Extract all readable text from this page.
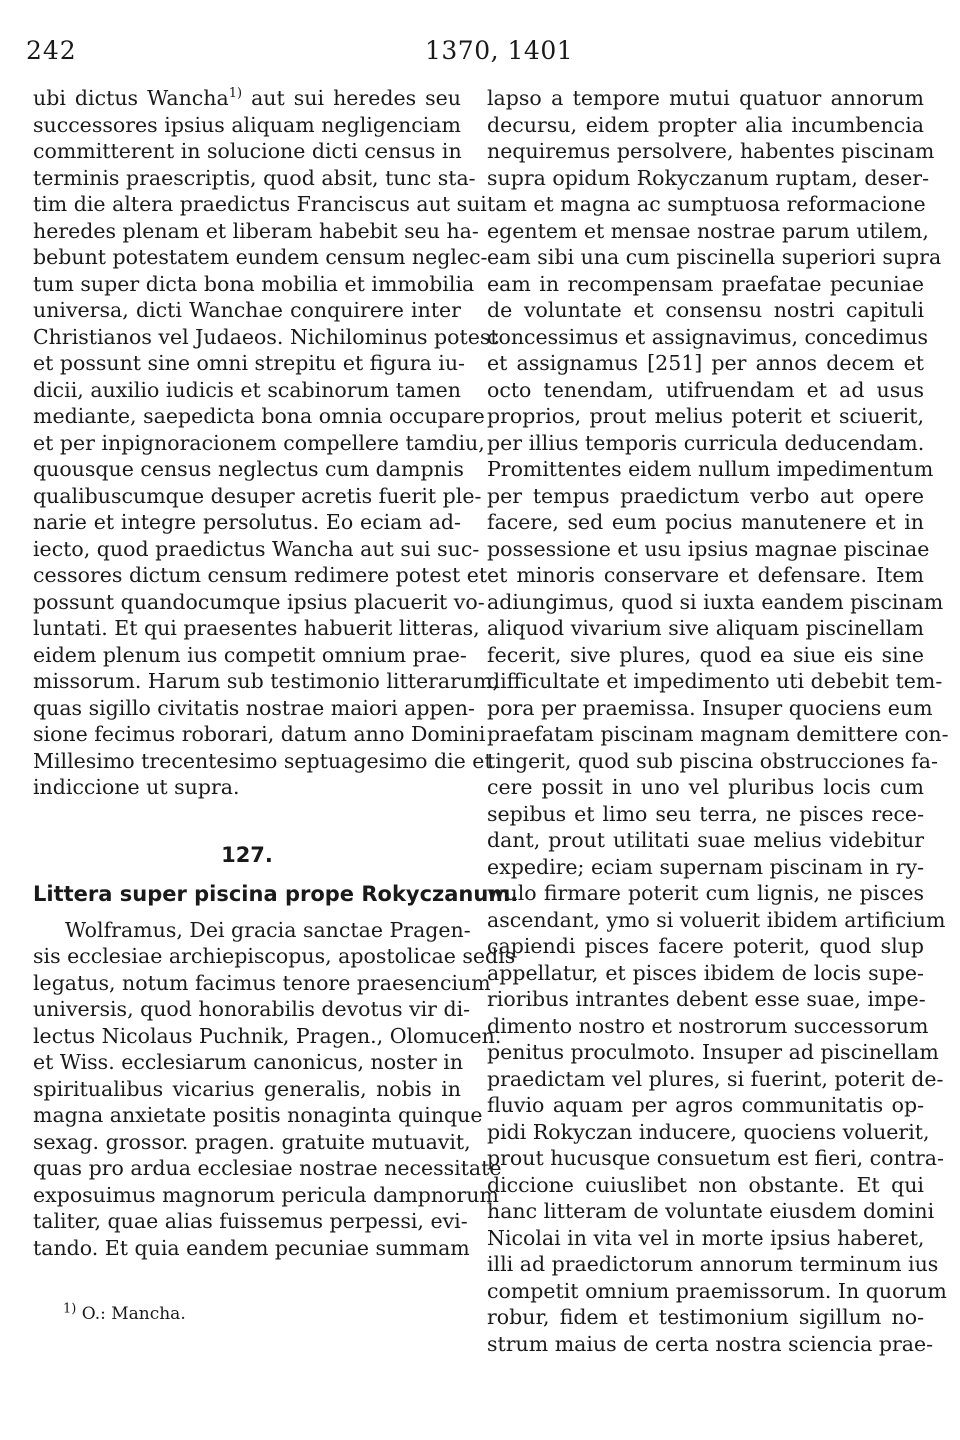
242	1370, 1401
ubi dictus Wancha$^{1)}$ aut sui heredes seu
successores ipsius aliquam negligenciam
committerent in solucione dicti census in
terminis praescriptis, quod absit, tunc sta-
tim die altera praedictus Franciscus aut sui
heredes plenam et liberam habebit seu ha-
bebunt potestatem eundem censum neglec-
tum super dicta bona mobilia et immobilia
universa, dicti Wanchae conquirere inter
Christianos vel Judaeos. Nichilominus potest
et possunt sine omni strepitu et figura iu-
dicii, auxilio iudicis et scabinorum tamen
mediante, saepedicta bona omnia occupare
et per inpignoracionem compellere tamdiu,
quousque census neglectus cum dampnis
qualibuscumque desuper acretis fuerit ple-
narie et integre persolutus. Eo eciam ad-
iecto, quod praedictus Wancha aut sui suc-
cessores dictum censum redimere potest et
possunt quandocumque ipsius placuerit vo-
luntati. Et qui praesentes habuerit litteras,
eidem plenum ius competit omnium prae-
missorum. Harum sub testimonio litterarum,
quas sigillo civitatis nostrae maiori appen-
sione fecimus roborari, datum anno Domini
Millesimo trecentesimo septuagesimo die et
indiccione ut supra.
127.
Littera super piscina prope Rokyczanum.
Wolframus, Dei gracia sanctae Pragen-
sis ecclesiae archiepiscopus, apostolicae sedis
legatus, notum facimus tenore praesencium
universis, quod honorabilis devotus vir di-
lectus Nicolaus Puchnik, Pragen., Olomucen.
et Wiss. ecclesiarum canonicus, noster in
spiritualibus vicarius generalis, nobis in
magna anxietate positis nonaginta quinque
sexag. grossor. pragen. gratuite mutuavit,
quas pro ardua ecclesiae nostrae necessitate
exposuimus magnorum pericula dampnorum
taliter, quae alias fuissemus perpessi, evi-
tando. Et quia eandem pecuniae summam
$^{1)}$ O.: Mancha.
lapso a tempore mutui quatuor annorum
decursu, eidem propter alia incumbencia
nequiremus persolvere, habentes piscinam
supra opidum Rokyczanum ruptam, deser-
tam et magna ac sumptuosa reformacione
egentem et mensae nostrae parum utilem,
eam sibi una cum piscinella superiori supra
eam in recompensam praefatae pecuniae
de voluntate et consensu nostri capituli
concessimus et assignavimus, concedimus
et assignamus [251] per annos decem et
octo tenendam, utifruendam et ad usus
proprios, prout melius poterit et sciuerit,
per illius temporis curricula deducendam.
Promittentes eidem nullum impedimentum
per tempus praedictum verbo aut opere
facere, sed eum pocius manutenere et in
possessione et usu ipsius magnae piscinae
et minoris conservare et defensare. Item
adiungimus, quod si iuxta eandem piscinam
aliquod vivarium sive aliquam piscinellam
fecerit, sive plures, quod ea siue eis sine
difficultate et impedimento uti debebit tem-
pora per praemissa. Insuper quociens eum
praefatam piscinam magnam demittere con-
tingerit, quod sub piscina obstrucciones fa-
cere possit in uno vel pluribus locis cum
sepibus et limo seu terra, ne pisces rece-
dant, prout utilitati suae melius videbitur
expedire; eciam supernam piscinam in ry-
wulo firmare poterit cum lignis, ne pisces
ascendant, ymo si voluerit ibidem artificium
capiendi pisces facere poterit, quod slup
appellatur, et pisces ibidem de locis supe-
rioribus intrantes debent esse suae, impe-
dimento nostro et nostrorum successorum
penitus proculmoto. Insuper ad piscinellam
praedictam vel plures, si fuerint, poterit de-
fluvio aquam per agros communitatis op-
pidi Rokyczan inducere, quociens voluerit,
prout hucusque consuetum est fieri, contra-
diccione cuiuslibet non obstante. Et qui
hanc litteram de voluntate eiusdem domini
Nicolai in vita vel in morte ipsius haberet,
illi ad praedictorum annorum terminum ius
competit omnium praemissorum. In quorum
robur, fidem et testimonium sigillum no-
strum maius de certa nostra sciencia prae-
